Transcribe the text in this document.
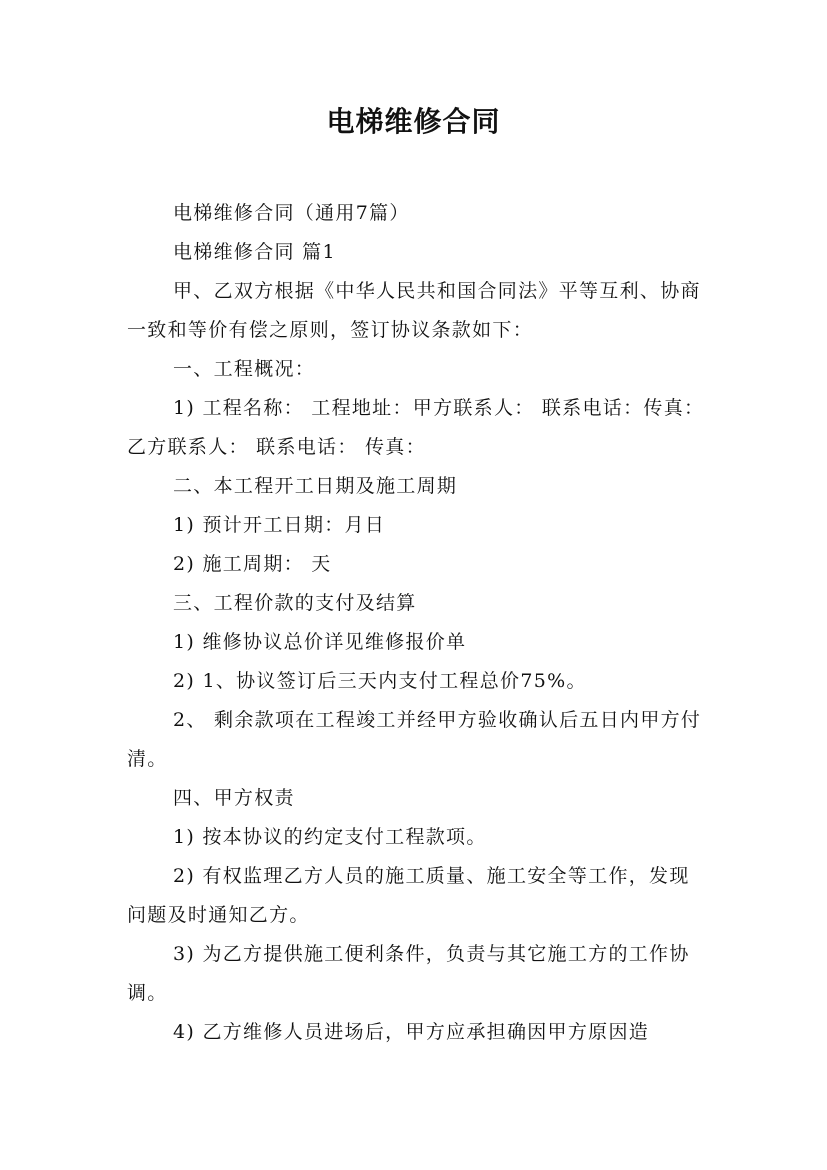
电梯维修合同

电梯维修合同（通用7篇）

电梯维修合同 篇1

甲、乙双方根据《中华人民共和国合同法》平等互利、协商一致和等价有偿之原则，签订协议条款如下：

一、工程概况：

1) 工程名称： 工程地址：甲方联系人： 联系电话：传真： 乙方联系人： 联系电话： 传真：

二、本工程开工日期及施工周期

1) 预计开工日期：月日

2) 施工周期： 天

三、工程价款的支付及结算

1) 维修协议总价详见维修报价单

2) 1、协议签订后三天内支付工程总价75%。

2、 剩余款项在工程竣工并经甲方验收确认后五日内甲方付清。

四、甲方权责

1) 按本协议的约定支付工程款项。

2) 有权监理乙方人员的施工质量、施工安全等工作，发现问题及时通知乙方。

3) 为乙方提供施工便利条件，负责与其它施工方的工作协调。

4) 乙方维修人员进场后，甲方应承担确因甲方原因造
